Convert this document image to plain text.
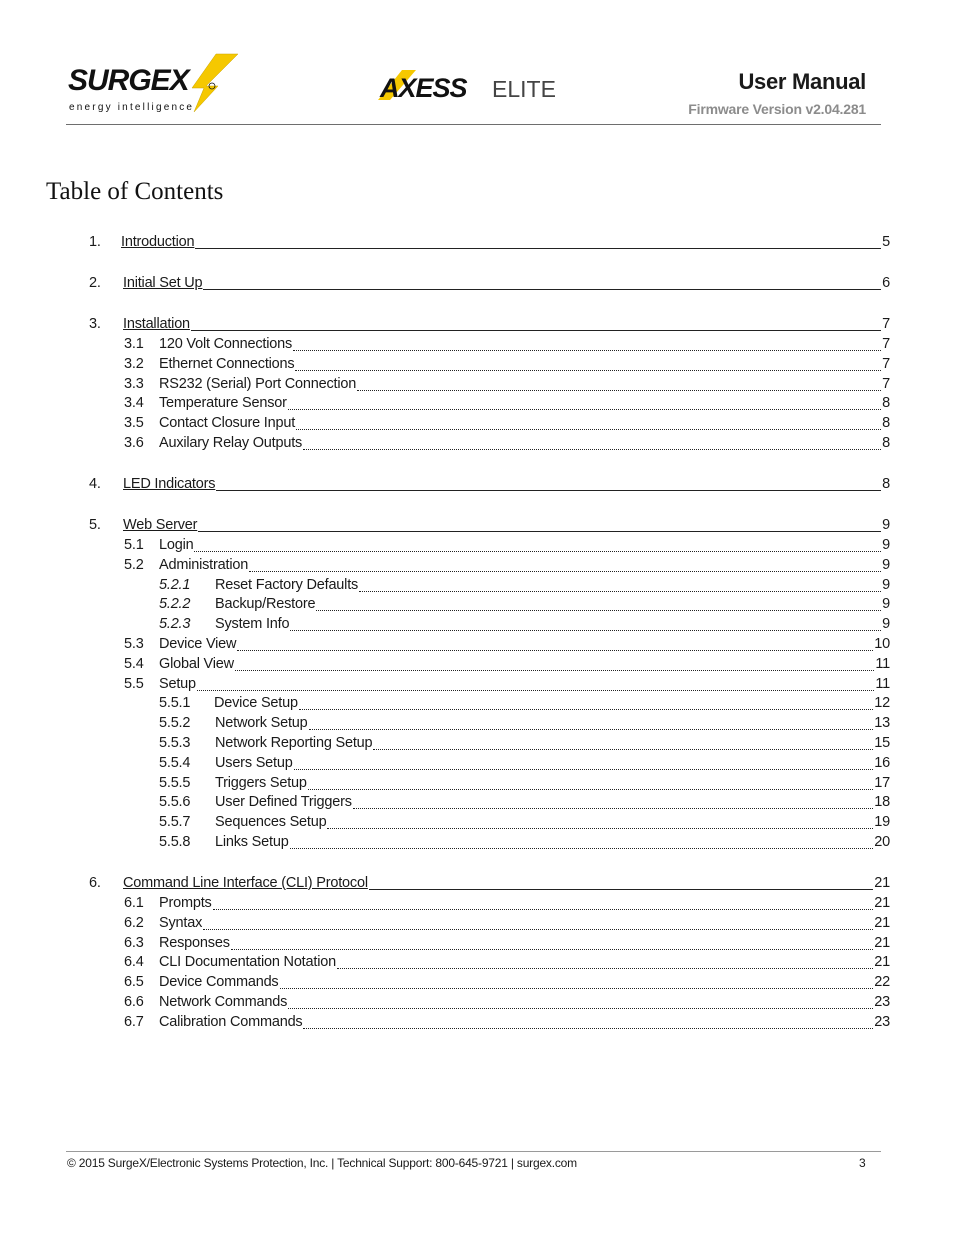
SURGEX
energy intelligence
AXESS ELITE	User Manual
Firmware Version v2.04.281
Table of Contents
1. Introduction	5
2. Initial Set Up	6
3. Installation	7
3.1 120 Volt Connections	7
3.2 Ethernet Connections	7
3.3 RS232 (Serial) Port Connection	7
3.4 Temperature Sensor	8
3.5 Contact Closure Input	8
3.6 Auxilary Relay Outputs	8
4. LED Indicators	8
5. Web Server	9
5.1 Login	9
5.2 Administration	9
5.2.1 Reset Factory Defaults	9
5.2.2 Backup/Restore	9
5.2.3 System Info	9
5.3 Device View	10
5.4 Global View	11
5.5 Setup	11
5.5.1 Device Setup	12
5.5.2 Network Setup	13
5.5.3 Network Reporting Setup	15
5.5.4 Users Setup	16
5.5.5 Triggers Setup	17
5.5.6 User Defined Triggers	18
5.5.7 Sequences Setup	19
5.5.8 Links Setup	20
6. Command Line Interface (CLI) Protocol	21
6.1 Prompts	21
6.2 Syntax	21
6.3 Responses	21
6.4 CLI Documentation Notation	21
6.5 Device Commands	22
6.6 Network Commands	23
6.7 Calibration Commands	23
© 2015 SurgeX/Electronic Systems Protection, Inc. | Technical Support: 800-645-9721 | surgex.com	3
